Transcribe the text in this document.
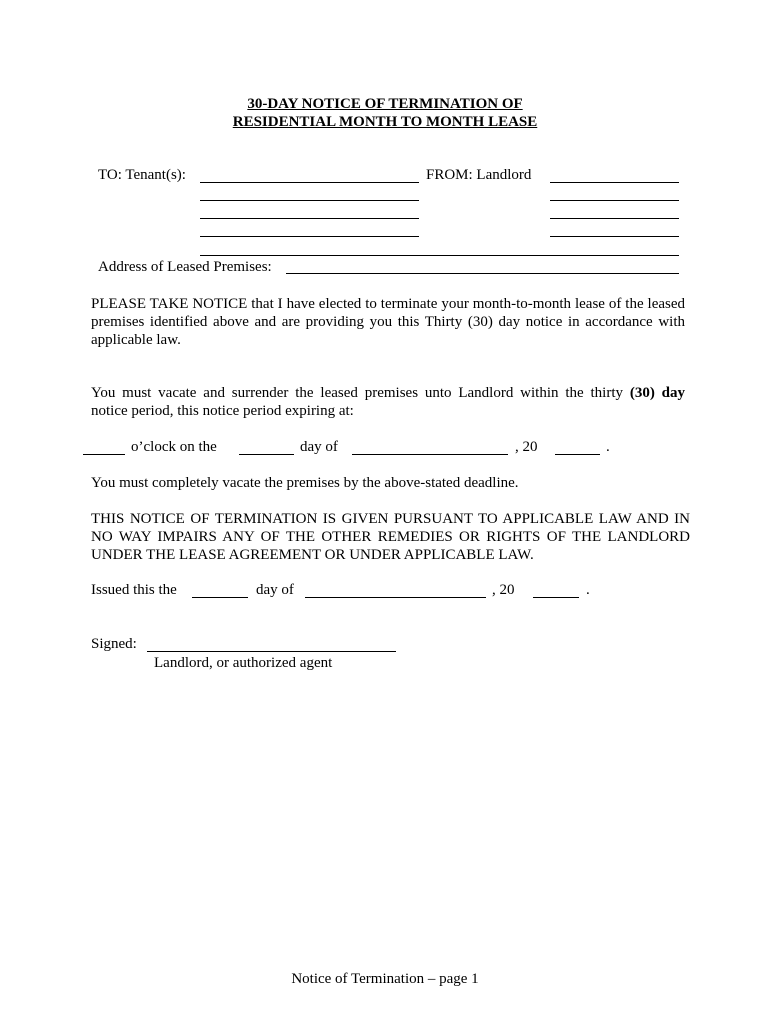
30-DAY NOTICE OF TERMINATION OF
RESIDENTIAL MONTH TO MONTH LEASE
TO: Tenant(s):	FROM: Landlord
Address of Leased Premises:
PLEASE TAKE NOTICE that I have elected to terminate your month-to-month lease of the leased premises identified above and are providing you this Thirty (30) day notice in accordance with applicable law.
You must vacate and surrender the leased premises unto Landlord within the thirty (30) day
notice period, this notice period expiring at:
o’clock on the	day of	, 20	.
You must completely vacate the premises by the above-stated deadline.
THIS NOTICE OF TERMINATION IS GIVEN PURSUANT TO APPLICABLE LAW AND IN NO WAY IMPAIRS ANY OF THE OTHER REMEDIES OR RIGHTS OF THE LANDLORD UNDER THE LEASE AGREEMENT OR UNDER APPLICABLE LAW.
Issued this the	day of	, 20	.
Signed:
Landlord, or authorized agent
Notice of Termination – page 1
